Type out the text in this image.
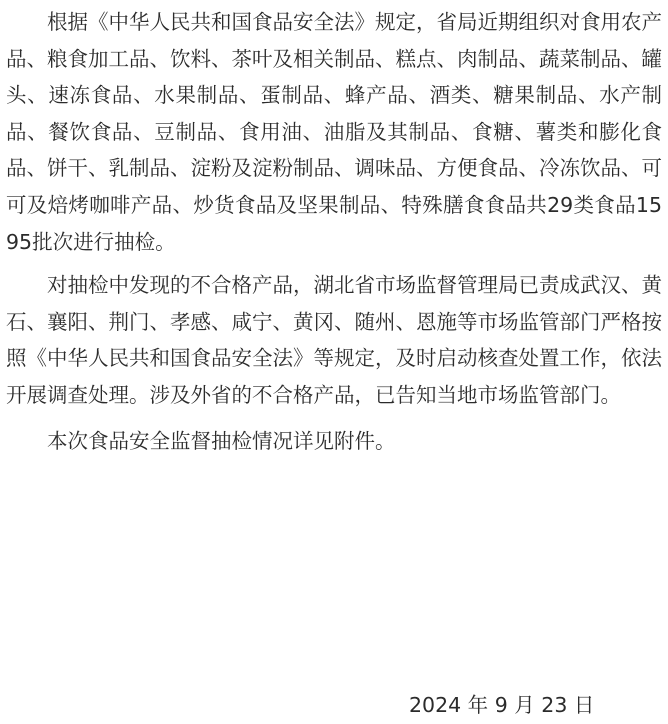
根据《中华人民共和国食品安全法》规定，省局近期组织对食用农产品、粮食加工品、饮料、茶叶及相关制品、糕点、肉制品、蔬菜制品、罐头、速冻食品、水果制品、蛋制品、蜂产品、酒类、糖果制品、水产制品、餐饮食品、豆制品、食用油、油脂及其制品、食糖、薯类和膨化食品、饼干、乳制品、淀粉及淀粉制品、调味品、方便食品、冷冻饮品、可可及焙烤咖啡产品、炒货食品及坚果制品、特殊膳食食品共29类食品1595批次进行抽检。

对抽检中发现的不合格产品，湖北省市场监督管理局已责成武汉、黄石、襄阳、荆门、孝感、咸宁、黄冈、随州、恩施等市场监管部门严格按照《中华人民共和国食品安全法》等规定，及时启动核查处置工作，依法开展调查处理。涉及外省的不合格产品，已告知当地市场监管部门。

本次食品安全监督抽检情况详见附件。

2024 年 9 月 23 日
